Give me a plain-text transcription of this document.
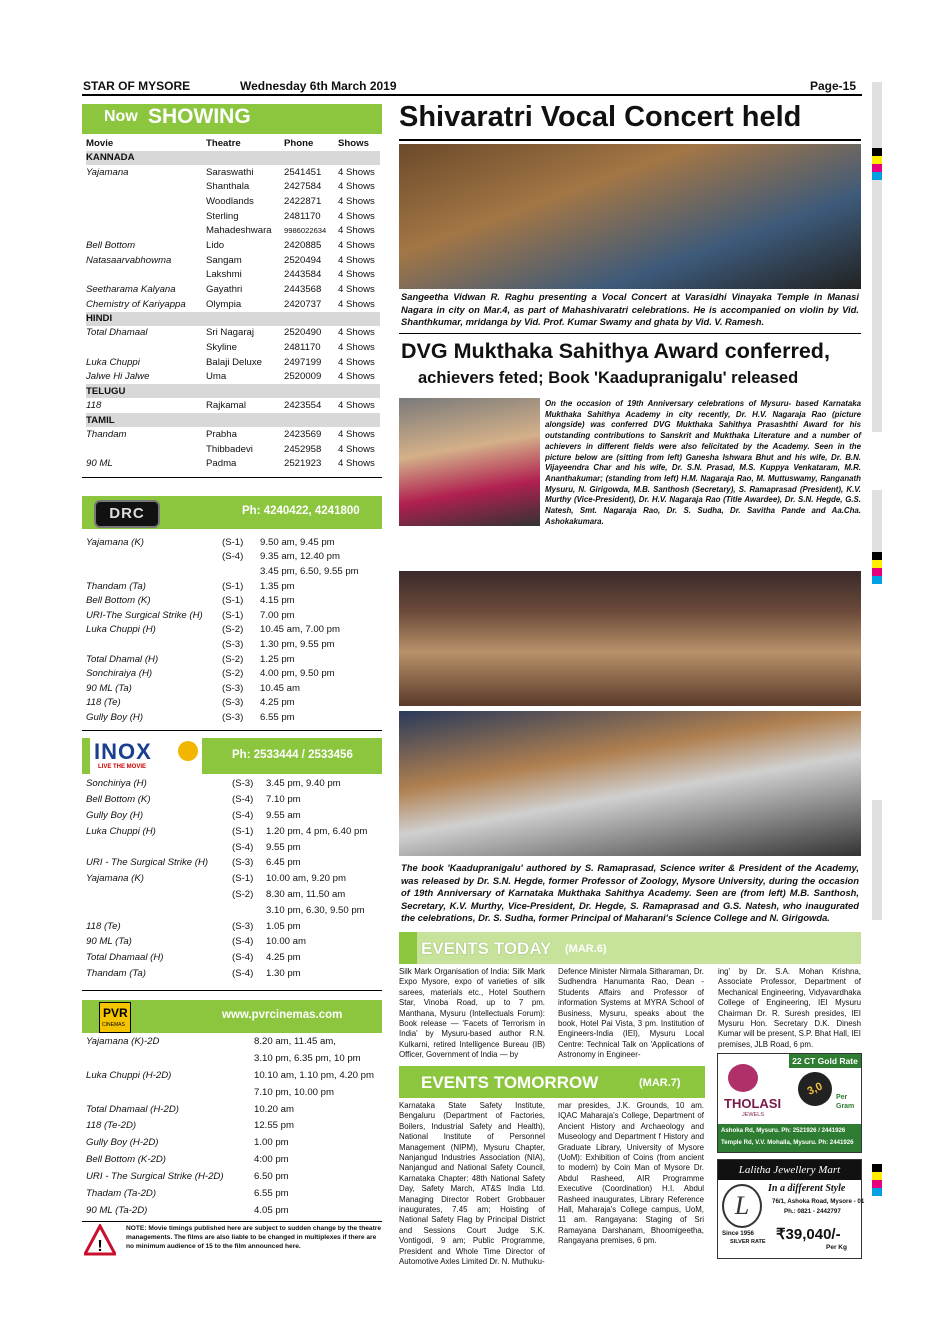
STAR OF MYSORE	Wednesday 6th March 2019	Page-15
Now SHOWING
Movie	Theatre	Phone	Shows
KANNADA			
Yajamana	Saraswathi	2541451	4 Shows
	Shanthala	2427584	4 Shows
	Woodlands	2422871	4 Shows
	Sterling	2481170	4 Shows
	Mahadeshwara	9986022634	4 Shows
Bell Bottom	Lido	2420885	4 Shows
Natasaarvabhowma	Sangam	2520494	4 Shows
	Lakshmi	2443584	4 Shows
Seetharama Kalyana	Gayathri	2443568	4 Shows
Chemistry of Kariyappa	Olympia	2420737	4 Shows
HINDI			
Total Dhamaal	Sri Nagaraj	2520490	4 Shows
	Skyline	2481170	4 Shows
Luka Chuppi	Balaji Deluxe	2497199	4 Shows
Jalwe Hi Jalwe	Uma	2520009	4 Shows
TELUGU			
118	Rajkamal	2423554	4 Shows
TAMIL			
Thandam	Prabha	2423569	4 Shows
	Thibbadevi	2452958	4 Shows
90 ML	Padma	2521923	4 Shows
DRC	Ph: 4240422, 4241800
Yajamana (K)	(S-1)	9.50 am, 9.45 pm
	(S-4)	9.35 am, 12.40 pm
		3.45 pm, 6.50, 9.55 pm
Thandam (Ta)	(S-1)	1.35 pm
Bell Bottom (K)	(S-1)	4.15 pm
URI-The Surgical Strike (H)	(S-1)	7.00 pm
Luka Chuppi (H)	(S-2)	10.45 am, 7.00 pm
	(S-3)	1.30 pm, 9.55 pm
Total Dhamal (H)	(S-2)	1.25 pm
Sonchiraiya (H)	(S-2)	4.00 pm, 9.50 pm
90 ML (Ta)	(S-3)	10.45 am
118 (Te)	(S-3)	4.25 pm
Gully Boy (H)	(S-3)	6.55 pm
INOX
LIVE THE MOVIE
Ph: 2533444 / 2533456
Sonchiriya (H)	(S-3)	3.45 pm, 9.40 pm
Bell Bottom (K)	(S-4)	7.10 pm
Gully Boy (H)	(S-4)	9.55 am
Luka Chuppi (H)	(S-1)	1.20 pm, 4 pm, 6.40 pm
	(S-4)	9.55 pm
URI - The Surgical Strike (H)	(S-3)	6.45 pm
Yajamana (K)	(S-1)	10.00 am, 9.20 pm
	(S-2)	8.30 am, 11.50 am
		3.10 pm, 6.30, 9.50 pm
118 (Te)	(S-3)	1.05 pm
90 ML (Ta)	(S-4)	10.00 am
Total Dhamaal (H)	(S-4)	4.25 pm
Thandam (Ta)	(S-4)	1.30 pm
PVR
CINEMAS
www.pvrcinemas.com
Yajamana (K)-2D	8.20 am, 11.45 am,
	3.10 pm, 6.35 pm, 10 pm
Luka Chuppi (H-2D)	10.10 am, 1.10 pm, 4.20 pm
	7.10 pm, 10.00 pm
Total Dhamaal (H-2D)	10.20 am
118 (Te-2D)	12.55 pm
Gully Boy (H-2D)	1.00 pm
Bell Bottom (K-2D)	4:00 pm
URI - The Surgical Strike (H-2D)	6.50 pm
Thadam (Ta-2D)	6.55 pm
90 ML (Ta-2D)	4.05 pm
!
NOTE: Movie timings published here are subject to sudden change by the theatre managements. The films are also liable to be changed in multiplexes if there are no minimum audience of 15 to the film announced here.
Shivaratri Vocal Concert held
Sangeetha Vidwan R. Raghu presenting a Vocal Concert at Varasidhi Vinayaka Temple in Manasi Nagara in city on Mar.4, as part of Mahashivaratri celebrations. He is accompanied on violin by Vid. Shanthkumar, mridanga by Vid. Prof. Kumar Swamy and ghata by Vid. V. Ramesh.
DVG Mukthaka Sahithya Award conferred,
achievers feted; Book 'Kaadupranigalu' released
On the occasion of 19th Anniversary celebrations of Mysuru- based Karnataka Mukthaka Sahithya Academy in city recently, Dr. H.V. Nagaraja Rao (picture alongside) was conferred DVG Mukthaka Sahithya Prasashthi Award for his outstanding contributions to Sanskrit and Mukthaka Literature and a number of achievers in different fields were also felicitated by the Academy. Seen in the picture below are (sitting from left) Ganesha Ishwara Bhut and his wife, Dr. B.N. Vijayeendra Char and his wife, Dr. S.N. Prasad, M.S. Kuppya Venkataram, M.R. Ananthakumar; (standing from left) H.M. Nagaraja Rao, M. Muttuswamy, Ranganath Mysuru, N. Girigowda, M.B. Santhosh (Secretary), S. Ramaprasad (President), K.V. Murthy (Vice-President), Dr. H.V. Nagaraja Rao (Title Awardee), Dr. S.N. Hegde, G.S. Natesh, Smt. Nagaraja Rao, Dr. S. Sudha, Dr. Savitha Pande and Aa.Cha. Ashokakumara.
The book 'Kaadupranigalu' authored by S. Ramaprasad, Science writer & President of the Academy, was released by Dr. S.N. Hegde, former Professor of Zoology, Mysore University, during the occasion of 19th Anniversary of Karnataka Mukthaka Sahithya Academy. Seen are (from left) M.B. Santhosh, Secretary, K.V. Murthy, Vice-President, Dr. Hegde, S. Ramaprasad and G.S. Natesh, who inaugurated the celebrations, Dr. S. Sudha, former Principal of Maharani's Science College and N. Girigowda.
EVENTS TODAY (MAR.6)
Silk Mark Organisation of India: Silk Mark Expo Mysore, expo of varieties of silk sarees, materials etc., Hotel Southern Star, Vinoba Road, up to 7 pm. Manthana, Mysuru (Intellectuals Forum): Book release — 'Facets of Terrorism in India' by Mysuru-based author R.N. Kulkarni, retired Intelligence Bureau (IB) Officer, Government of India — by
Defence Minister Nirmala Sitharaman, Dr. Sudhendra Hanumanta Rao, Dean - Students Affairs and Professor of information Systems at MYRA School of Business, Mysuru, speaks about the book, Hotel Pai Vista, 3 pm. Institution of Engineers-India (IEI), Mysuru Local Centre: Technical Talk on 'Applications of Astronomy in Engineer-
ing' by Dr. S.A. Mohan Krishna, Associate Professor, Department of Mechanical Engineering, Vidyavardhaka College of Engineering, IEI Mysuru Chairman Dr. R. Suresh presides, IEI Mysuru Hon. Secretary D.K. Dinesh Kumar will be present, S.P. Bhat Hall, IEI premises, JLB Road, 6 pm.
EVENTS TOMORROW	(MAR.7)
Karnataka State Safety Institute, Bengaluru (Department of Factories, Boilers, Industrial Safety and Health), National Institute of Personnel Management (NIPM), Mysuru Chapter, Nanjangud Industries Association (NIA), Nanjangud and National Safety Council, Karnataka Chapter: 48th National Safety Day, Safety March, AT&S India Ltd. Managing Director Robert Grobbauer inaugurates, 7.45 am; Hoisting of National Safety Flag by Principal District and Sessions Court Judge S.K. Vontigodi, 9 am; Public Programme, President and Whole Time Director of Automotive Axles Limited Dr. N. Muthuku-
mar presides, J.K. Grounds, 10 am. IQAC Maharaja's College, Department of Ancient History and Archaeology and Museology and Department f History and Graduate Library, University of Mysore (UoM): Exhibition of Coins (from ancient to modern) by Coin Man of Mysore Dr. Abdul Rasheed, AIR Programme Executive (Coordination) H.I. Abdul Rasheed inaugurates, Library Reference Hall, Maharaja's College campus, UoM, 11 am. Rangayana: Staging of Sri Ramayana Darshanam, Bhoomigeetha, Rangayana premises, 6 pm.
22 CT Gold Rate
THOLASI
JEWELS
3,0	Per
Gram
Ashoka Rd, Mysuru. Ph: 2521926 / 2441926
Temple Rd, V.V. Mohalla, Mysuru. Ph: 2441926
Lalitha Jewellery Mart
L
In a different Style
76/1, Ashoka Road, Mysore - 01
Ph.: 0821 - 2442797
Since 1956
SILVER RATE ₹39,040/-
Per Kg
